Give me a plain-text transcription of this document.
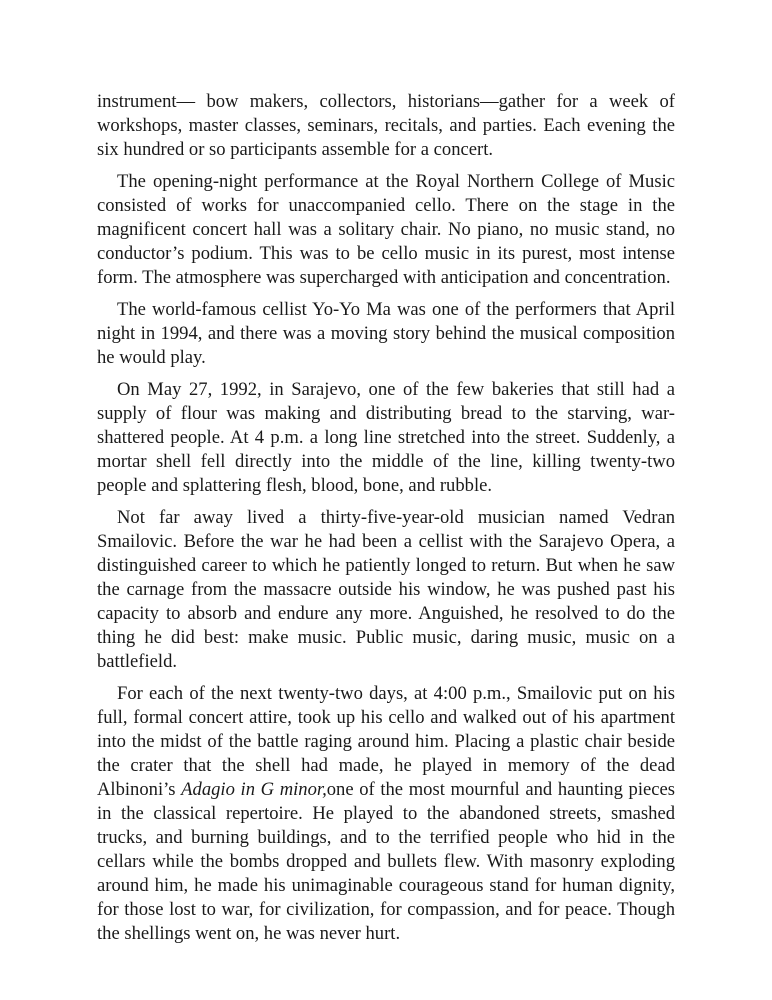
instrument— bow makers, collectors, historians—gather for a week of workshops, master classes, seminars, recitals, and parties. Each evening the six hundred or so participants assemble for a concert.

The opening-night performance at the Royal Northern College of Music consisted of works for unaccompanied cello. There on the stage in the magnificent concert hall was a solitary chair. No piano, no music stand, no conductor’s podium. This was to be cello music in its purest, most intense form. The atmosphere was supercharged with anticipation and concentration.

The world-famous cellist Yo-Yo Ma was one of the performers that April night in 1994, and there was a moving story behind the musical composition he would play.

On May 27, 1992, in Sarajevo, one of the few bakeries that still had a supply of flour was making and distributing bread to the starving, war-shattered people. At 4 p.m. a long line stretched into the street. Suddenly, a mortar shell fell directly into the middle of the line, killing twenty-two people and splattering flesh, blood, bone, and rubble.

Not far away lived a thirty-five-year-old musician named Vedran Smailovic. Before the war he had been a cellist with the Sarajevo Opera, a distinguished career to which he patiently longed to return. But when he saw the carnage from the massacre outside his window, he was pushed past his capacity to absorb and endure any more. Anguished, he resolved to do the thing he did best: make music. Public music, daring music, music on a battlefield.

For each of the next twenty-two days, at 4:00 p.m., Smailovic put on his full, formal concert attire, took up his cello and walked out of his apartment into the midst of the battle raging around him. Placing a plastic chair beside the crater that the shell had made, he played in memory of the dead Albinoni’s Adagio in G minor,one of the most mournful and haunting pieces in the classical repertoire. He played to the abandoned streets, smashed trucks, and burning buildings, and to the terrified people who hid in the cellars while the bombs dropped and bullets flew. With masonry exploding around him, he made his unimaginable courageous stand for human dignity, for those lost to war, for civilization, for compassion, and for peace. Though the shellings went on, he was never hurt.
